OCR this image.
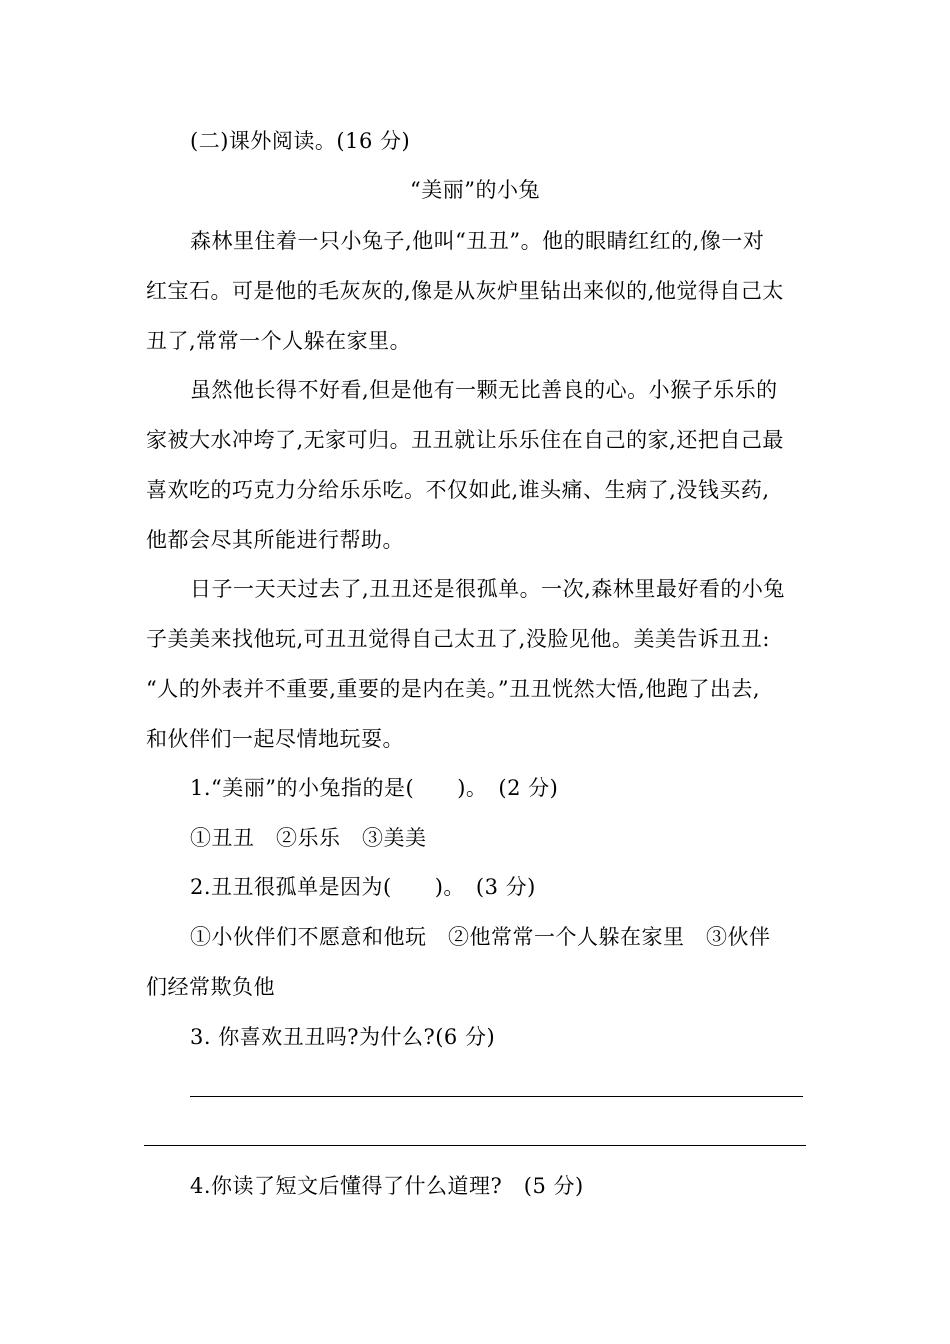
(二)课外阅读。(16 分)
“美丽”的小兔
森林里住着一只小兔子,他叫“丑丑”。他的眼睛红红的,像一对
红宝石。可是他的毛灰灰的,像是从灰炉里钻出来似的,他觉得自己太
丑了,常常一个人躲在家里。
虽然他长得不好看,但是他有一颗无比善良的心。小猴子乐乐的
家被大水冲垮了,无家可归。丑丑就让乐乐住在自己的家,还把自己最
喜欢吃的巧克力分给乐乐吃。不仅如此,谁头痛、生病了,没钱买药,
他都会尽其所能进行帮助。
日子一天天过去了,丑丑还是很孤单。一次,森林里最好看的小兔
子美美来找他玩,可丑丑觉得自己太丑了,没脸见他。美美告诉丑丑:
“人的外表并不重要,重要的是内在美。”丑丑恍然大悟,他跑了出去,
和伙伴们一起尽情地玩耍。
1.“美丽”的小兔指的是(　　)。　(2 分)
①丑丑　②乐乐　③美美
2.丑丑很孤单是因为(　　)。　(3 分)
①小伙伴们不愿意和他玩　②他常常一个人躲在家里　③伙伴
们经常欺负他
3. 你喜欢丑丑吗?为什么?(6 分)
4.你读了短文后懂得了什么道理?　(5 分)
